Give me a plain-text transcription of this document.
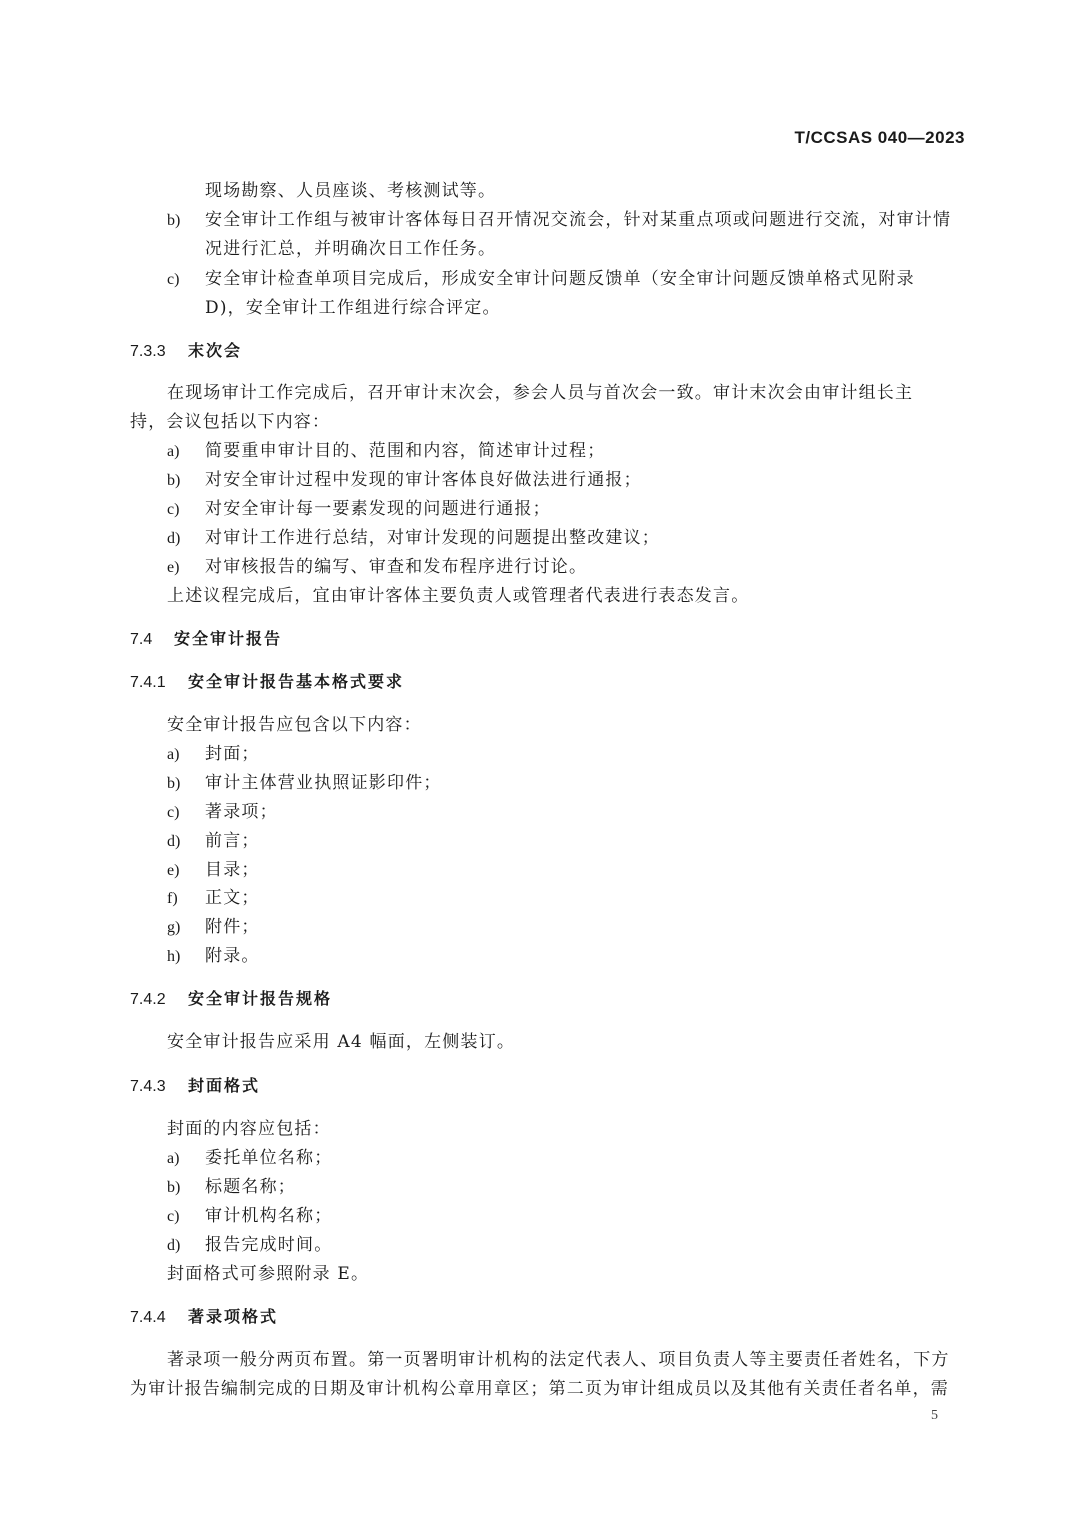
T/CCSAS 040—2023
现场勘察、人员座谈、考核测试等。
b) 安全审计工作组与被审计客体每日召开情况交流会，针对某重点项或问题进行交流，对审计情
况进行汇总，并明确次日工作任务。
c) 安全审计检查单项目完成后，形成安全审计问题反馈单（安全审计问题反馈单格式见附录
D)，安全审计工作组进行综合评定。
7.3.3 末次会
在现场审计工作完成后，召开审计末次会，参会人员与首次会一致。审计末次会由审计组长主
持，会议包括以下内容：
a) 简要重申审计目的、范围和内容，简述审计过程；
b) 对安全审计过程中发现的审计客体良好做法进行通报；
c) 对安全审计每一要素发现的问题进行通报；
d) 对审计工作进行总结，对审计发现的问题提出整改建议；
e) 对审核报告的编写、审查和发布程序进行讨论。
上述议程完成后，宜由审计客体主要负责人或管理者代表进行表态发言。
7.4 安全审计报告
7.4.1 安全审计报告基本格式要求
安全审计报告应包含以下内容：
a) 封面；
b) 审计主体营业执照证影印件；
c) 著录项；
d) 前言；
e) 目录；
f) 正文；
g) 附件；
h) 附录。
7.4.2 安全审计报告规格
安全审计报告应采用 A4 幅面，左侧装订。
7.4.3 封面格式
封面的内容应包括：
a) 委托单位名称；
b) 标题名称；
c) 审计机构名称；
d) 报告完成时间。
封面格式可参照附录 E。
7.4.4 著录项格式
著录项一般分两页布置。第一页署明审计机构的法定代表人、项目负责人等主要责任者姓名，下方
为审计报告编制完成的日期及审计机构公章用章区；第二页为审计组成员以及其他有关责任者名单，需
5
